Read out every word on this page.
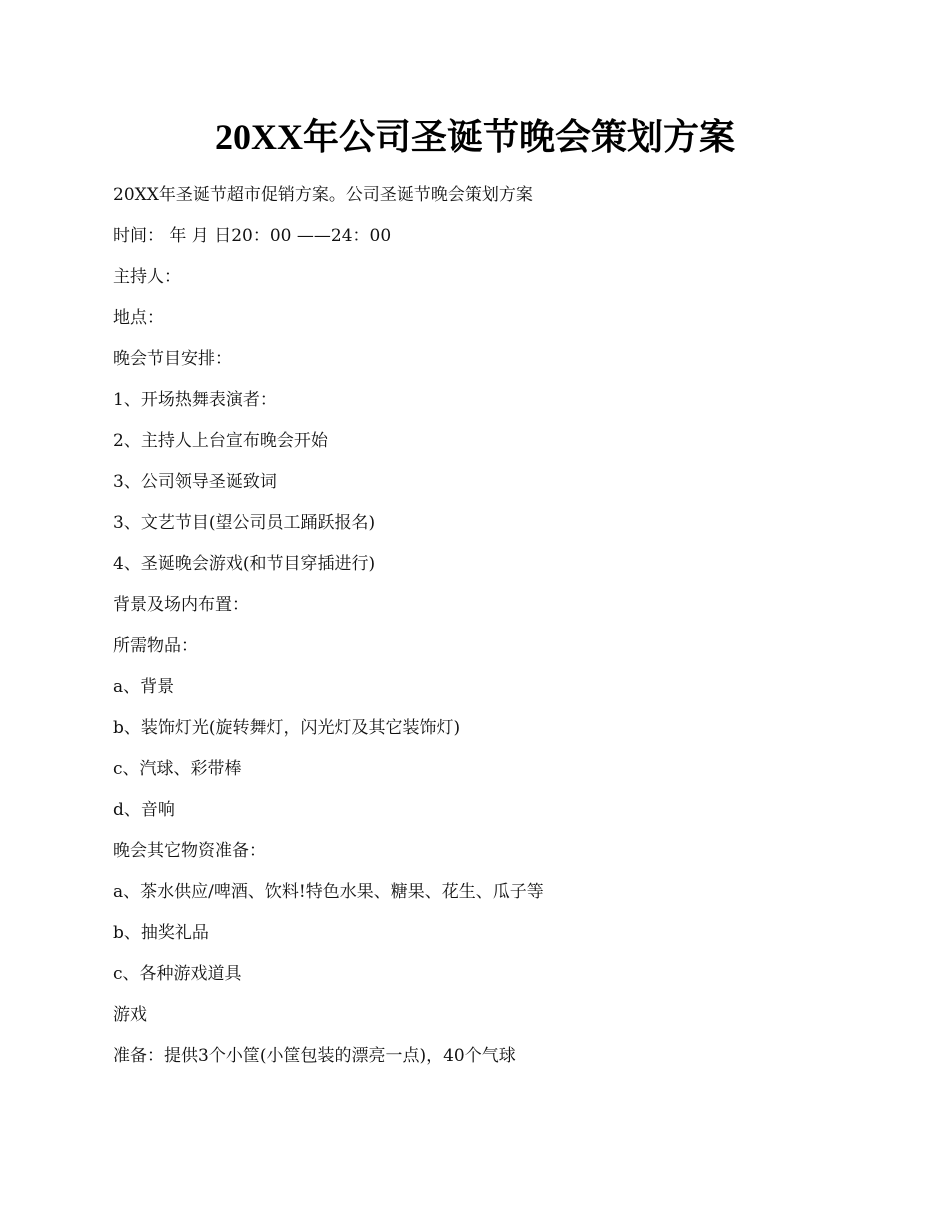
20XX年公司圣诞节晚会策划方案
20XX年圣诞节超市促销方案。公司圣诞节晚会策划方案
时间： 年 月 日20：00 ——24：00
主持人：
地点：
晚会节目安排：
1、开场热舞表演者：
2、主持人上台宣布晚会开始
3、公司领导圣诞致词
3、文艺节目(望公司员工踊跃报名)
4、圣诞晚会游戏(和节目穿插进行)
背景及场内布置：
所需物品：
a、背景
b、装饰灯光(旋转舞灯，闪光灯及其它装饰灯)
c、汽球、彩带棒
d、音响
晚会其它物资准备：
a、茶水供应/啤酒、饮料!特色水果、糖果、花生、瓜子等
b、抽奖礼品
c、各种游戏道具
游戏
准备：提供3个小筐(小筐包装的漂亮一点)，40个气球
